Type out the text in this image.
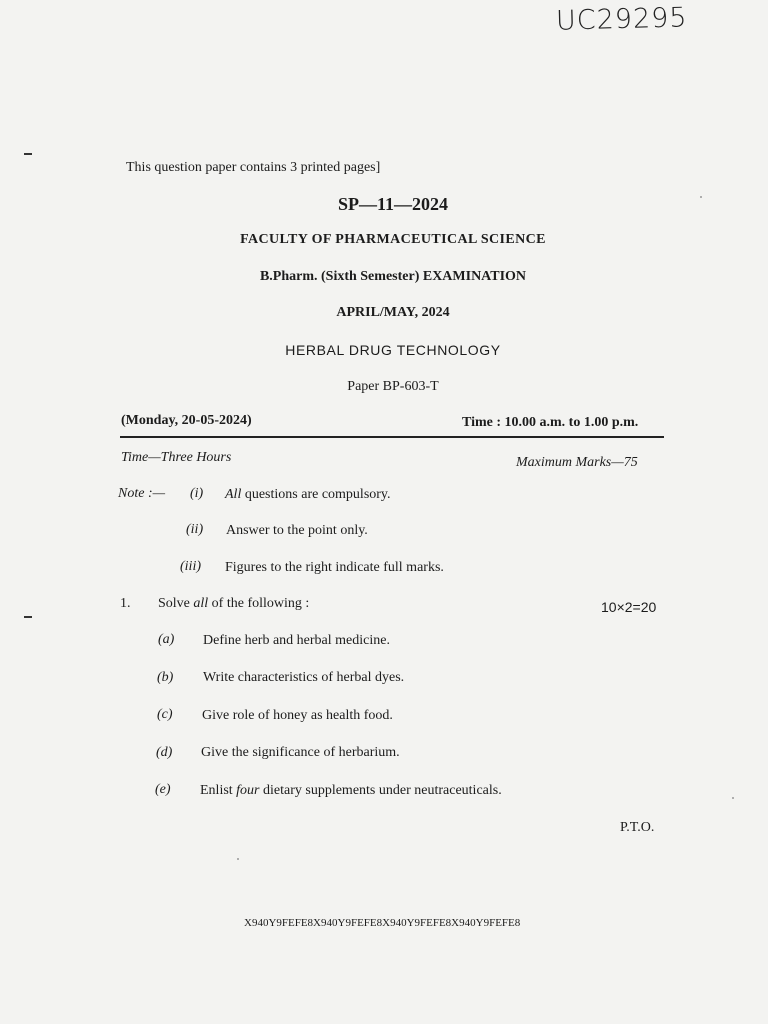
UC29295
This question paper contains 3 printed pages]
SP—11—2024
FACULTY OF PHARMACEUTICAL SCIENCE
B.Pharm. (Sixth Semester) EXAMINATION
APRIL/MAY, 2024
HERBAL DRUG TECHNOLOGY
Paper BP-603-T
(Monday, 20-05-2024)	Time : 10.00 a.m. to 1.00 p.m.
Time—Three Hours	Maximum Marks—75
Note :— (i) All questions are compulsory.
(ii) Answer to the point only.
(iii) Figures to the right indicate full marks.
1. Solve all of the following :	10×2=20
(a) Define herb and herbal medicine.
(b) Write characteristics of herbal dyes.
(c) Give role of honey as health food.
(d) Give the significance of herbarium.
(e) Enlist four dietary supplements under neutraceuticals.
P.T.O.
X940Y9FEFE8X940Y9FEFE8X940Y9FEFE8X940Y9FEFE8
